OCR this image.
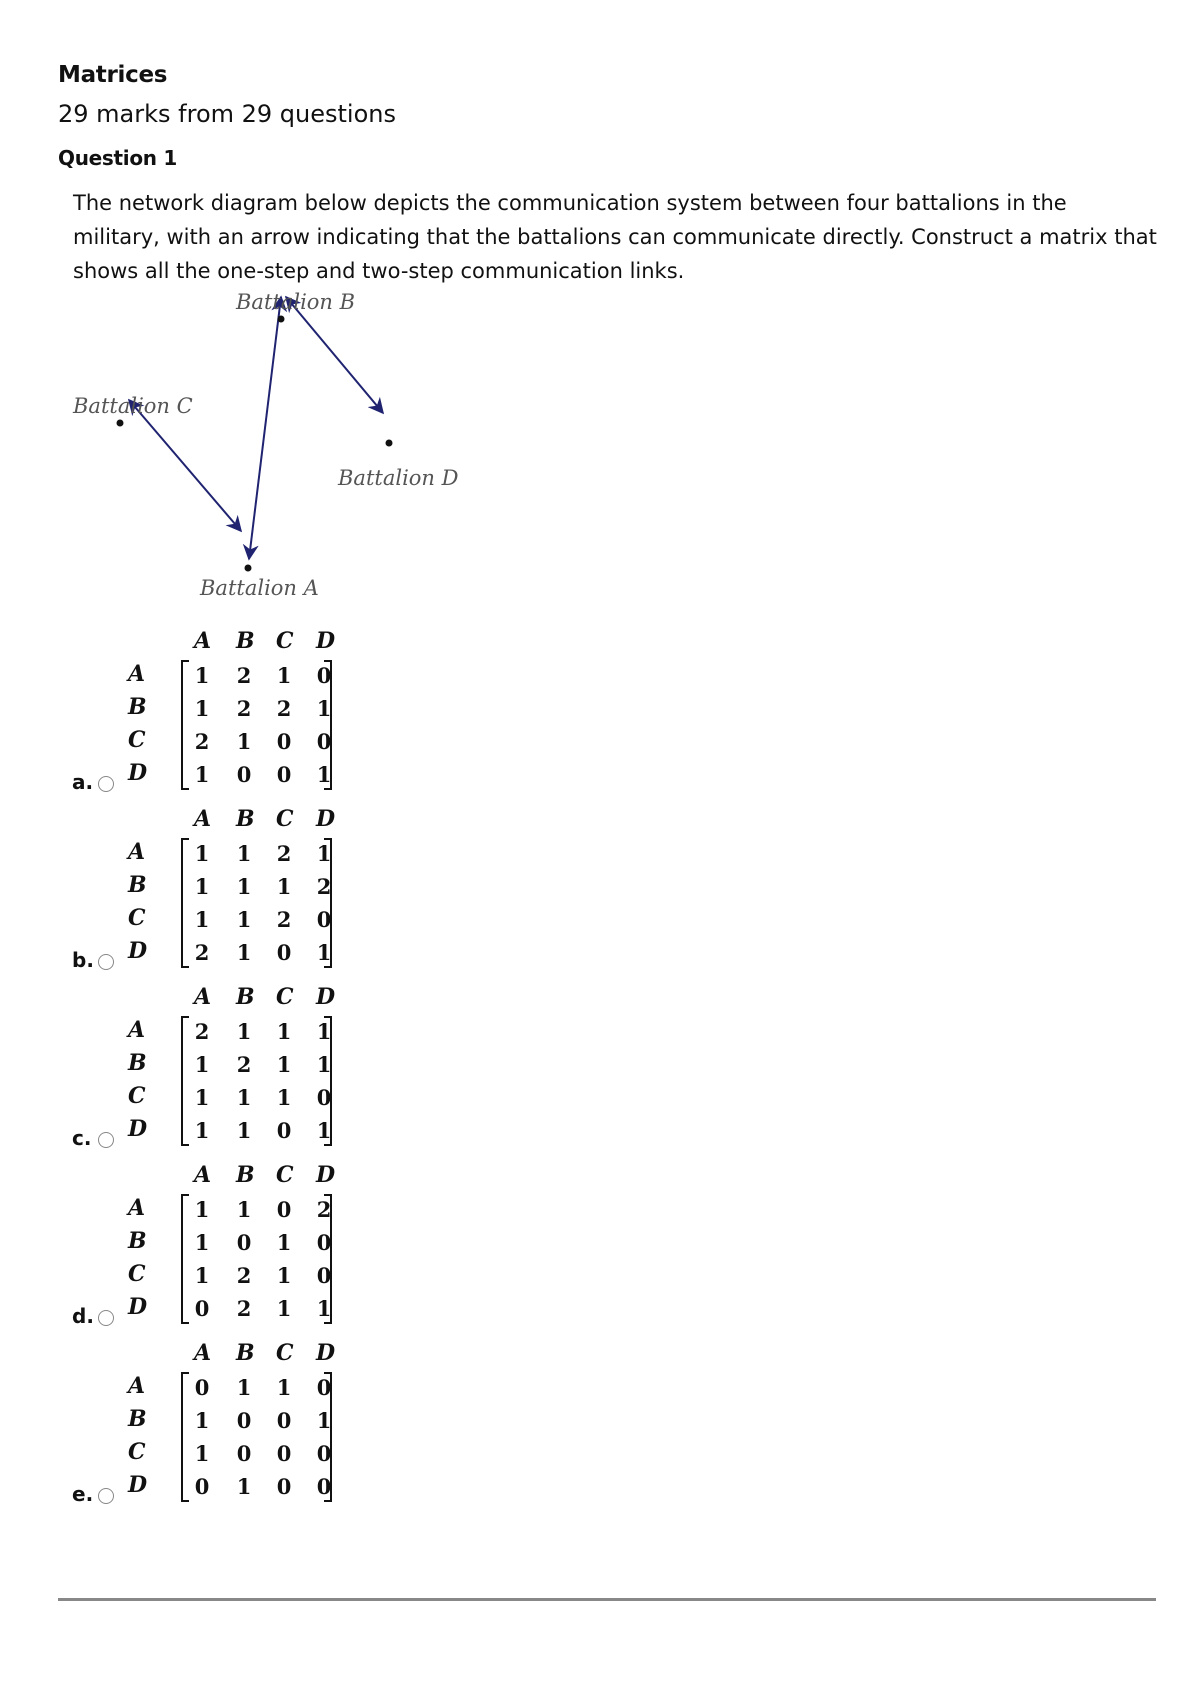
Matrices
29 marks from 29 questions
Question 1
The network diagram below depicts the communication system between four battalions in the military, with an arrow indicating that the battalions can communicate directly. Construct a matrix that shows all the one-step and two-step communication links.
Battalion B
Battalion C
Battalion D
Battalion A
A B C D
A
B
C
D
1 2 1 0
1 2 2 1
2 1 0 0
1 0 0 1
a.
A B C D
A
B
C
D
1 1 2 1
1 1 1 2
1 1 2 0
2 1 0 1
b.
A B C D
A
B
C
D
2 1 1 1
1 2 1 1
1 1 1 0
1 1 0 1
c.
A B C D
A
B
C
D
1 1 0 2
1 0 1 0
1 2 1 0
0 2 1 1
d.
A B C D
A
B
C
D
0 1 1 0
1 0 0 1
1 0 0 0
0 1 0 0
e.
